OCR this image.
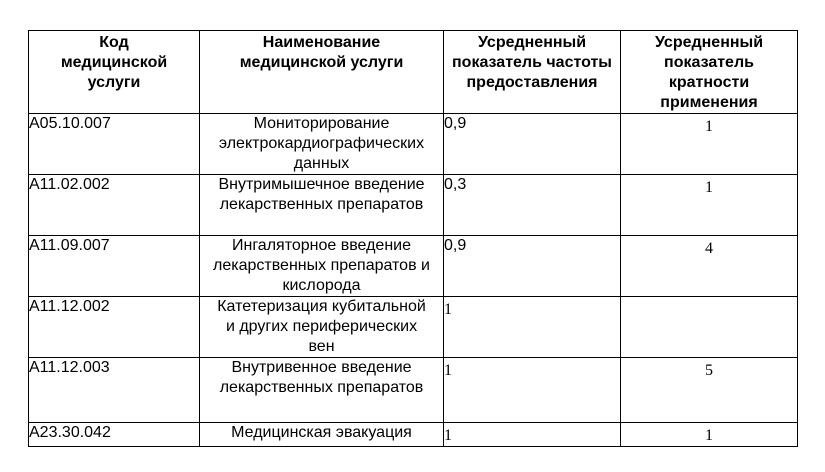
Код медицинской услуги	Наименование медицинской услуги	Усредненный показатель частоты предоставления	Усредненный показатель кратности применения
A05.10.007	Мониторирование электрокардиографических данных	0,9	1
A11.02.002	Внутримышечное введение лекарственных препаратов	0,3	1
A11.09.007	Ингаляторное введение лекарственных препаратов и кислорода	0,9	4
A11.12.002	Катетеризация кубитальной и других периферических вен	1	
A11.12.003	Внутривенное введение лекарственных препаратов	1	5
A23.30.042	Медицинская эвакуация	1	1
